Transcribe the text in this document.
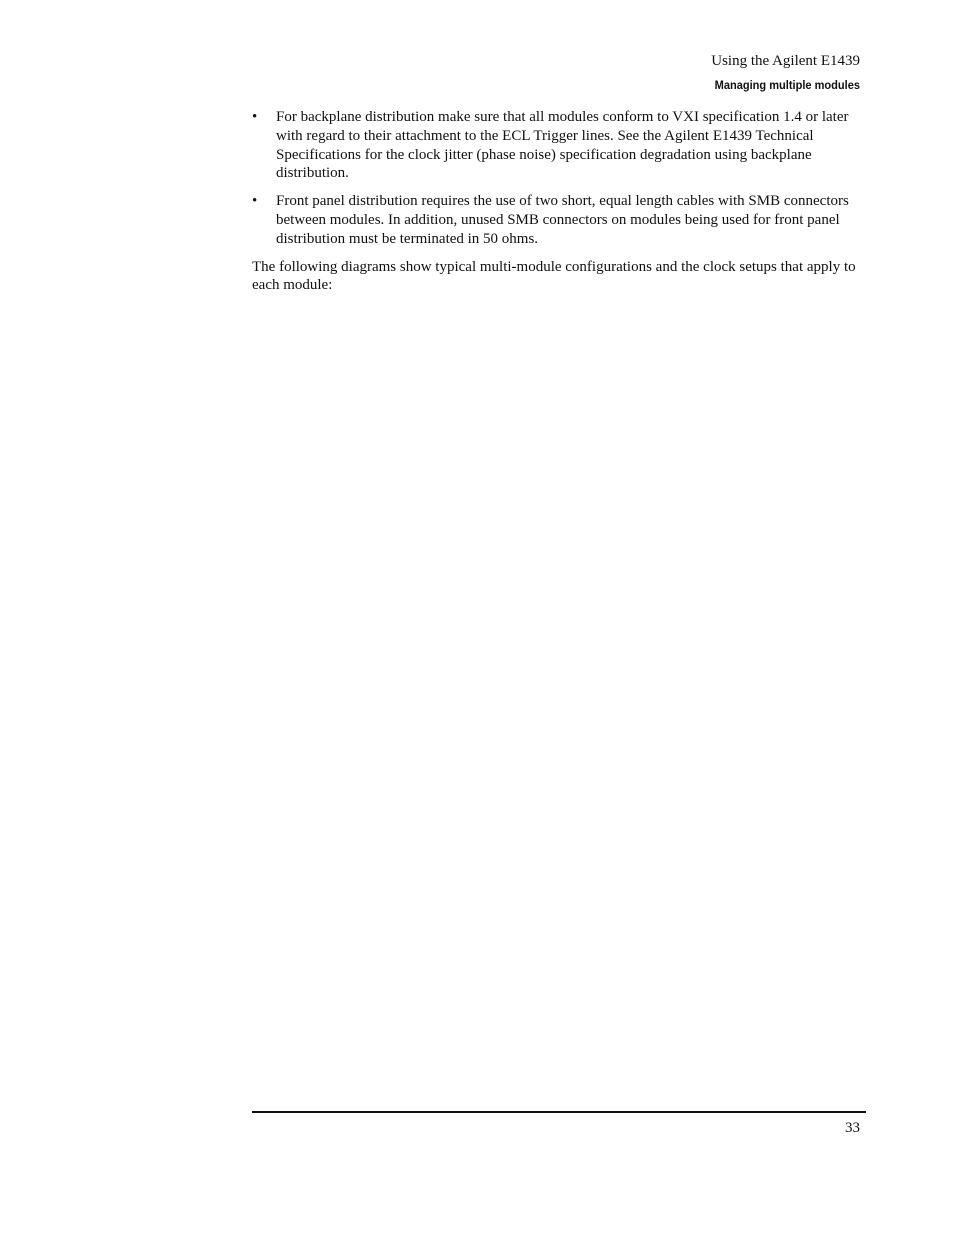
Using the Agilent E1439
Managing multiple modules
• For backplane distribution make sure that all modules conform to VXI specification 1.4 or later with regard to their attachment to the ECL Trigger lines. See the Agilent E1439 Technical Specifications for the clock jitter (phase noise) specification degradation using backplane distribution.
• Front panel distribution requires the use of two short, equal length cables with SMB connectors between modules. In addition, unused SMB connectors on modules being used for front panel distribution must be terminated in 50 ohms.

The following diagrams show typical multi-module configurations and the clock setups that apply to each module:

33
